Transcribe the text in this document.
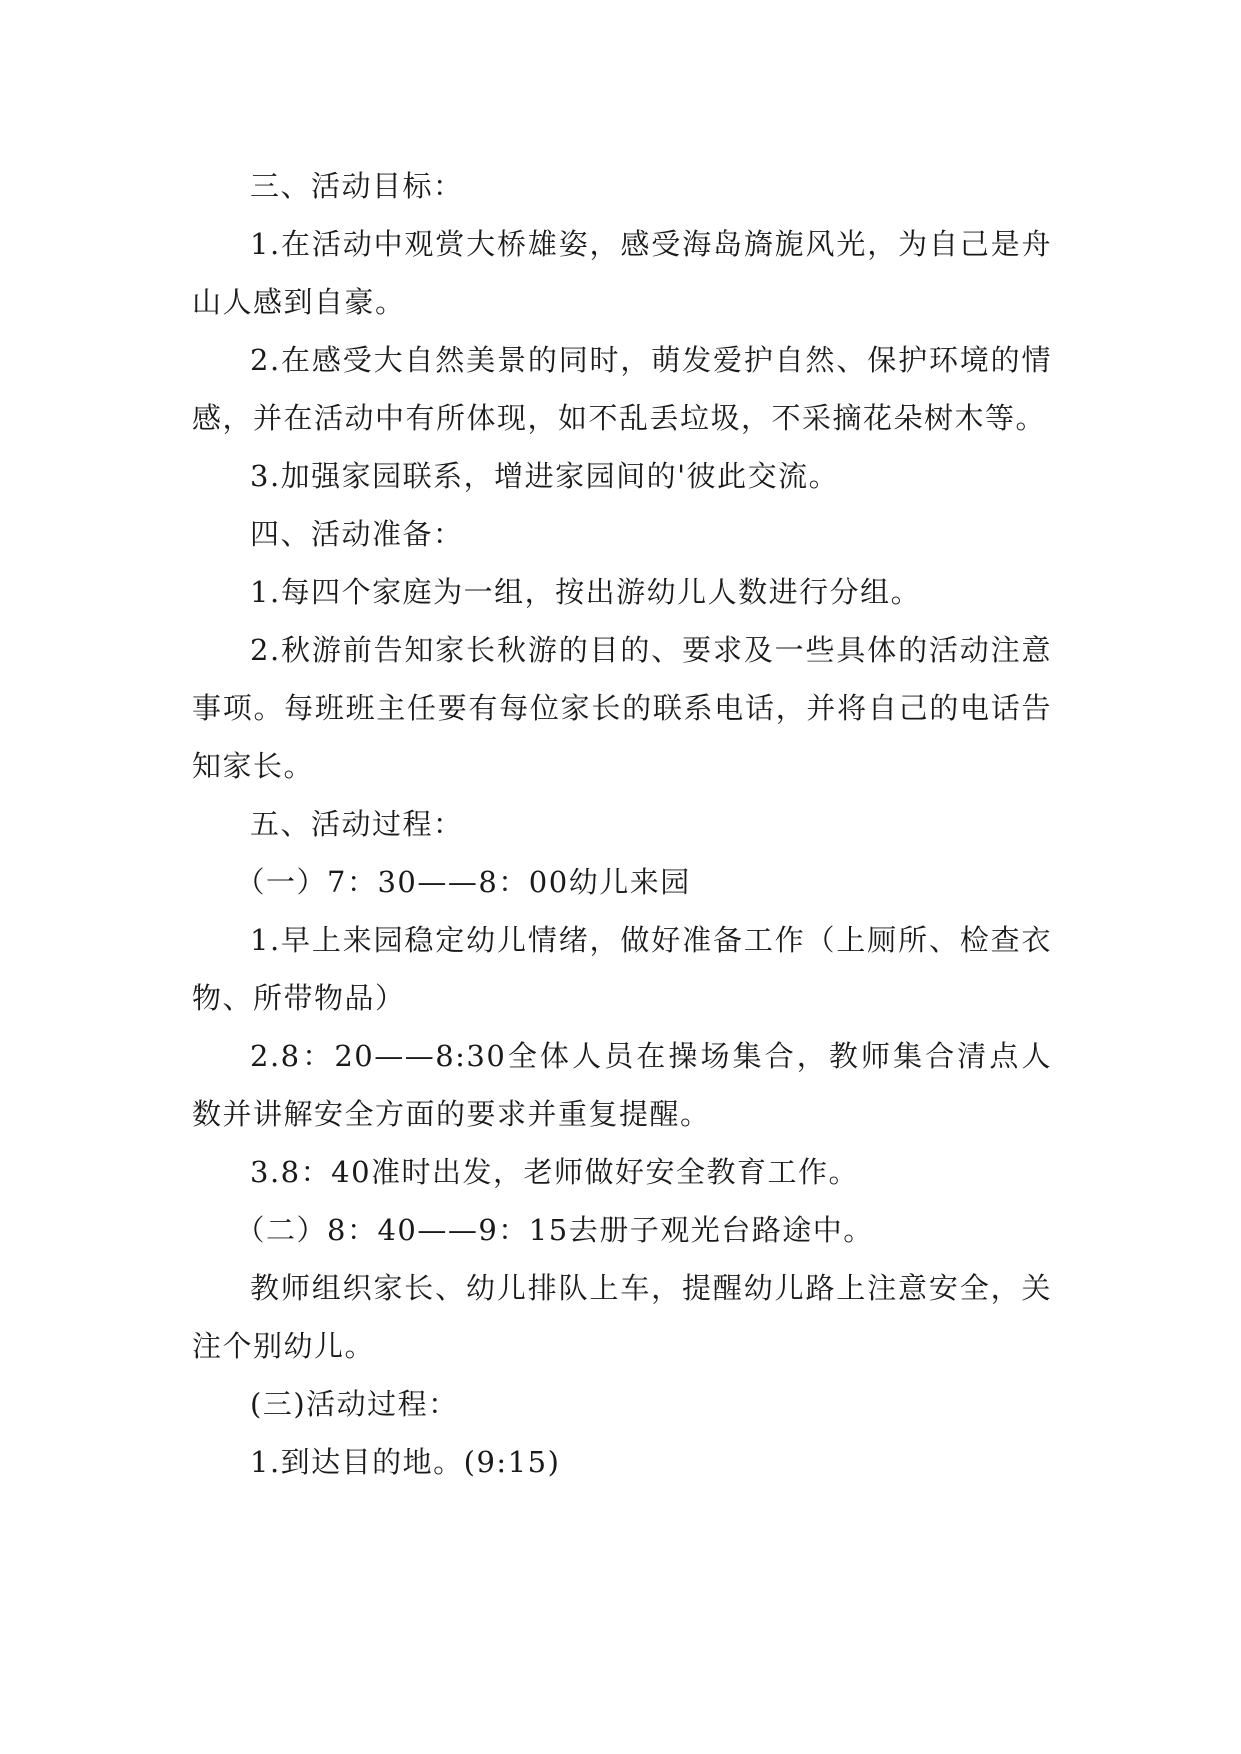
三、活动目标：

1.在活动中观赏大桥雄姿，感受海岛旖旎风光，为自己是舟山人感到自豪。

2.在感受大自然美景的同时，萌发爱护自然、保护环境的情感，并在活动中有所体现，如不乱丢垃圾，不采摘花朵树木等。

3.加强家园联系，增进家园间的'彼此交流。

四、活动准备：

1.每四个家庭为一组，按出游幼儿人数进行分组。

2.秋游前告知家长秋游的目的、要求及一些具体的活动注意事项。每班班主任要有每位家长的联系电话，并将自己的电话告知家长。

五、活动过程：

（一）7：30——8：00幼儿来园

1.早上来园稳定幼儿情绪，做好准备工作（上厕所、检查衣物、所带物品）

2.8：20——8:30全体人员在操场集合，教师集合清点人数并讲解安全方面的要求并重复提醒。

3.8：40准时出发，老师做好安全教育工作。

（二）8：40——9：15去册子观光台路途中。

教师组织家长、幼儿排队上车，提醒幼儿路上注意安全，关注个别幼儿。

(三)活动过程：

1.到达目的地。(9:15)
